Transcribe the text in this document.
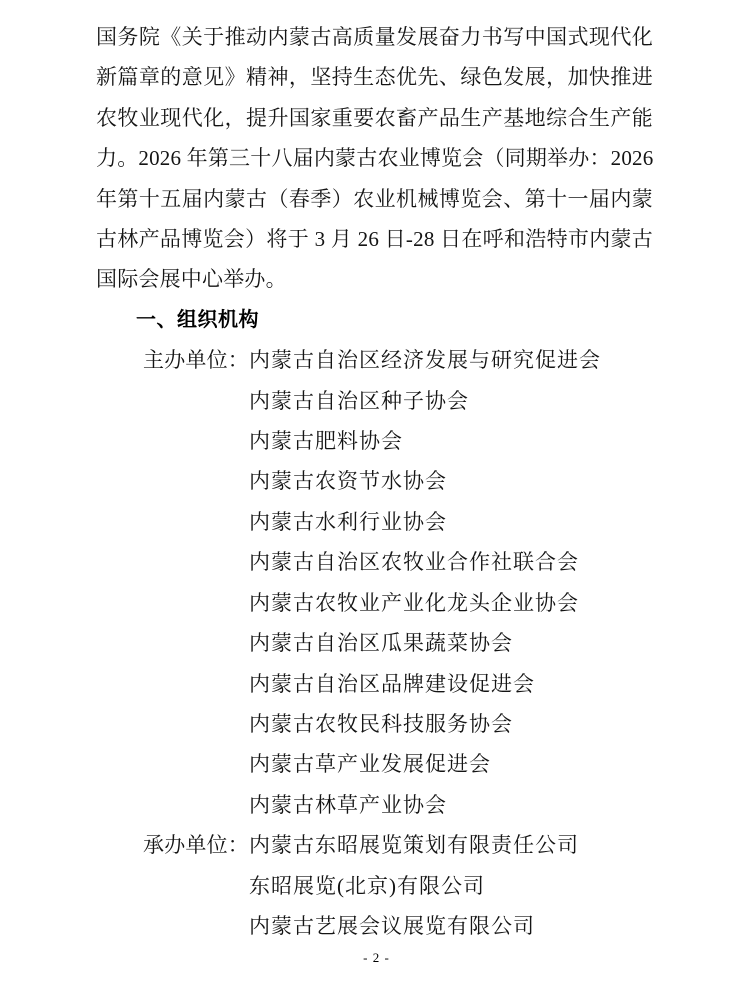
国务院《关于推动内蒙古高质量发展奋力书写中国式现代化
新篇章的意见》精神，坚持生态优先、绿色发展，加快推进
农牧业现代化，提升国家重要农畜产品生产基地综合生产能
力。2026 年第三十八届内蒙古农业博览会（同期举办：2026
年第十五届内蒙古（春季）农业机械博览会、第十一届内蒙
古林产品博览会）将于 3 月 26 日-28 日在呼和浩特市内蒙古
国际会展中心举办。
一、组织机构
主办单位： 内蒙古自治区经济发展与研究促进会
内蒙古自治区种子协会
内蒙古肥料协会
内蒙古农资节水协会
内蒙古水利行业协会
内蒙古自治区农牧业合作社联合会
内蒙古农牧业产业化龙头企业协会
内蒙古自治区瓜果蔬菜协会
内蒙古自治区品牌建设促进会
内蒙古农牧民科技服务协会
内蒙古草产业发展促进会
内蒙古林草产业协会
承办单位： 内蒙古东昭展览策划有限责任公司
东昭展览(北京)有限公司
内蒙古艺展会议展览有限公司
- 2 -
